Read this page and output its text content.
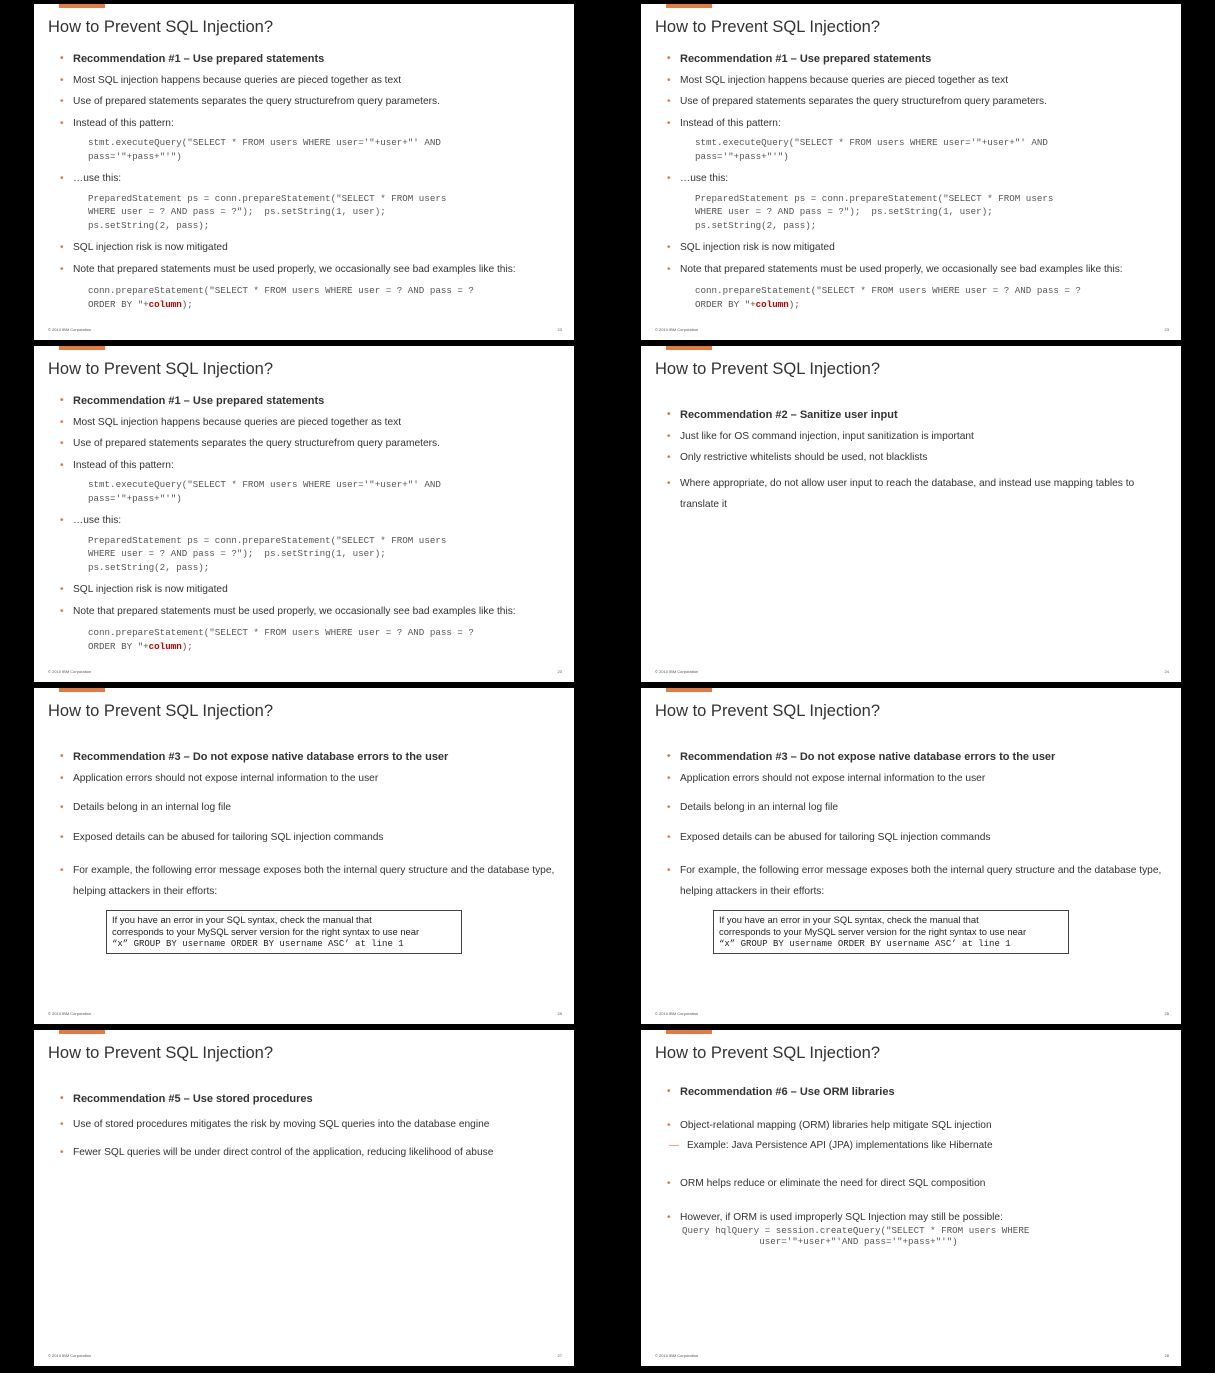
How to Prevent SQL Injection?
• Recommendation #1 – Use prepared statements
• Most SQL injection happens because queries are pieced together as text
• Use of prepared statements separates the query structurefrom query parameters.
• Instead of this pattern:
stmt.executeQuery("SELECT * FROM users WHERE user='"+user+"' AND
pass='"+pass+"'")
• …use this:
PreparedStatement ps = conn.prepareStatement("SELECT * FROM users
WHERE user = ? AND pass = ?");  ps.setString(1, user);
ps.setString(2, pass);
• SQL injection risk is now mitigated
• Note that prepared statements must be used properly, we occasionally see bad examples like this:
conn.prepareStatement("SELECT * FROM users WHERE user = ? AND pass = ?
ORDER BY "+column);
© 2010 IBM Corporation	23
How to Prevent SQL Injection?
• Recommendation #1 – Use prepared statements
• Most SQL injection happens because queries are pieced together as text
• Use of prepared statements separates the query structurefrom query parameters.
• Instead of this pattern:
stmt.executeQuery("SELECT * FROM users WHERE user='"+user+"' AND
pass='"+pass+"'")
• …use this:
PreparedStatement ps = conn.prepareStatement("SELECT * FROM users
WHERE user = ? AND pass = ?");  ps.setString(1, user);
ps.setString(2, pass);
• SQL injection risk is now mitigated
• Note that prepared statements must be used properly, we occasionally see bad examples like this:
conn.prepareStatement("SELECT * FROM users WHERE user = ? AND pass = ?
ORDER BY "+column);
© 2010 IBM Corporation	23
How to Prevent SQL Injection?
• Recommendation #1 – Use prepared statements
• Most SQL injection happens because queries are pieced together as text
• Use of prepared statements separates the query structurefrom query parameters.
• Instead of this pattern:
stmt.executeQuery("SELECT * FROM users WHERE user='"+user+"' AND
pass='"+pass+"'")
• …use this:
PreparedStatement ps = conn.prepareStatement("SELECT * FROM users
WHERE user = ? AND pass = ?");  ps.setString(1, user);
ps.setString(2, pass);
• SQL injection risk is now mitigated
• Note that prepared statements must be used properly, we occasionally see bad examples like this:
conn.prepareStatement("SELECT * FROM users WHERE user = ? AND pass = ?
ORDER BY "+column);
© 2010 IBM Corporation	23
How to Prevent SQL Injection?
• Recommendation #2 – Sanitize user input
• Just like for OS command injection, input sanitization is important
• Only restrictive whitelists should be used, not blacklists
• Where appropriate, do not allow user input to reach the database, and instead use mapping tables to translate it
© 2010 IBM Corporation	24
How to Prevent SQL Injection?
• Recommendation #3 – Do not expose native database errors to the user
• Application errors should not expose internal information to the user
• Details belong in an internal log file
• Exposed details can be abused for tailoring SQL injection commands
• For example, the following error message exposes both the internal query structure and the database type, helping attackers in their efforts:
If you have an error in your SQL syntax, check the manual that
corresponds to your MySQL server version for the right syntax to use near
“x” GROUP BY username ORDER BY username ASC’ at line 1
© 2010 IBM Corporation	25
How to Prevent SQL Injection?
• Recommendation #3 – Do not expose native database errors to the user
• Application errors should not expose internal information to the user
• Details belong in an internal log file
• Exposed details can be abused for tailoring SQL injection commands
• For example, the following error message exposes both the internal query structure and the database type, helping attackers in their efforts:
If you have an error in your SQL syntax, check the manual that
corresponds to your MySQL server version for the right syntax to use near
“x” GROUP BY username ORDER BY username ASC’ at line 1
© 2010 IBM Corporation	25
How to Prevent SQL Injection?
• Recommendation #5 – Use stored procedures
• Use of stored procedures mitigates the risk by moving SQL queries into the database engine
• Fewer SQL queries will be under direct control of the application, reducing likelihood of abuse
© 2010 IBM Corporation	27
How to Prevent SQL Injection?
• Recommendation #6 – Use ORM libraries
• Object-relational mapping (ORM) libraries help mitigate SQL injection
— Example: Java Persistence API (JPA) implementations like Hibernate
• ORM helps reduce or eliminate the need for direct SQL composition
• However, if ORM is used improperly SQL Injection may still be possible:
Query hqlQuery = session.createQuery("SELECT * FROM users WHERE
user='"+user+"'AND pass='"+pass+"'")
© 2010 IBM Corporation	28
